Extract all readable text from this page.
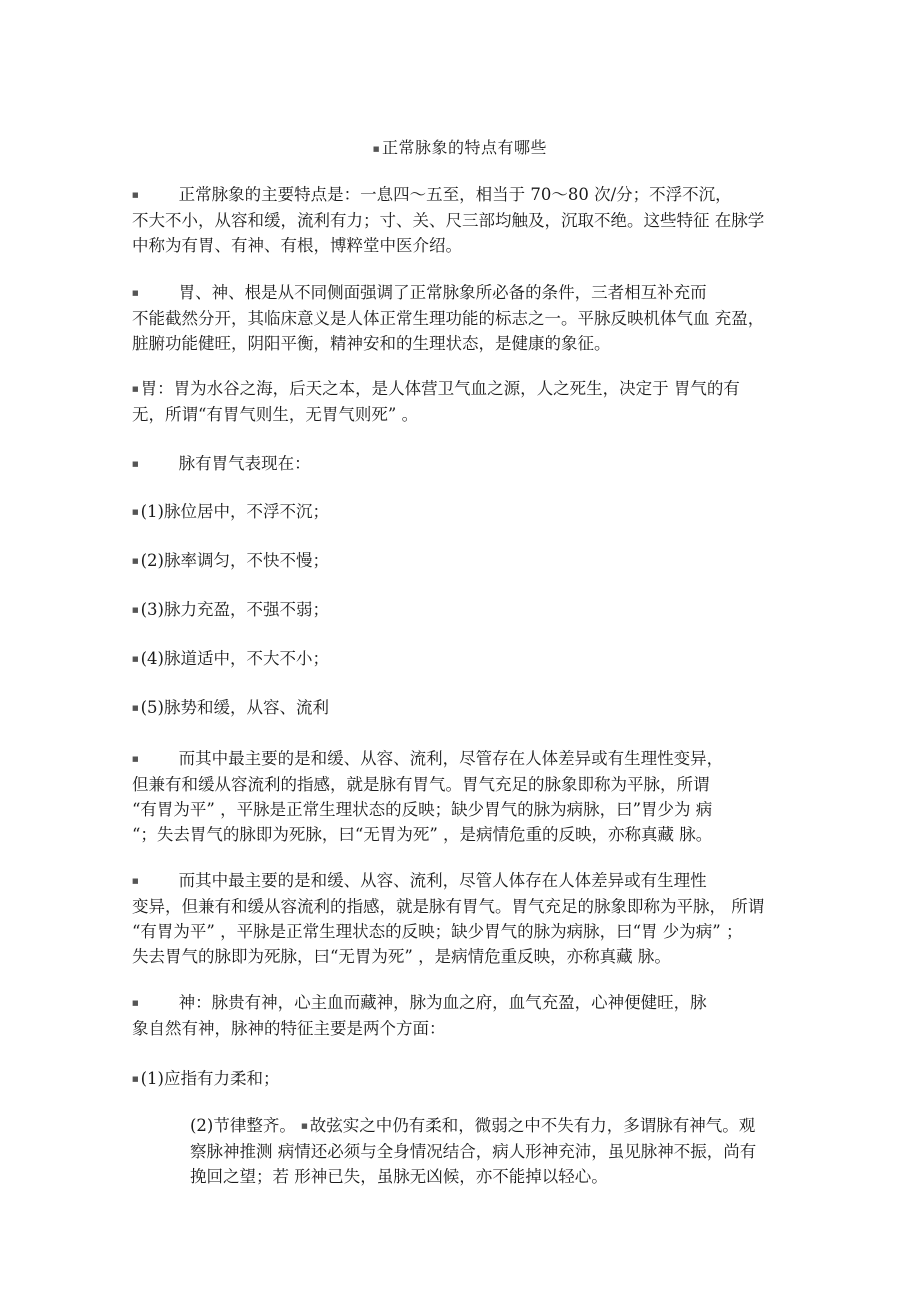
■ 正常脉象的特点有哪些
■ 正常脉象的主要特点是：一息四～五至，相当于 70～80 次/分；不浮不沉，
不大不小，从容和缓，流利有力；寸、关、尺三部均触及，沉取不绝。这些特征 在脉学
中称为有胃、有神、有根，博粹堂中医介绍。
■ 胃、神、根是从不同侧面强调了正常脉象所必备的条件，三者相互补充而
不能截然分开，其临床意义是人体正常生理功能的标志之一。平脉反映机体气血 充盈，
脏腑功能健旺，阴阳平衡，精神安和的生理状态，是健康的象征。
■ 胃：胃为水谷之海，后天之本，是人体营卫气血之源，人之死生，决定于 胃气的有
无，所谓“有胃气则生，无胃气则死” 。
■ 脉有胃气表现在：
■ (1)脉位居中，不浮不沉；
■ (2)脉率调匀，不快不慢；
■ (3)脉力充盈，不强不弱；
■ (4)脉道适中，不大不小；
■ (5)脉势和缓，从容、流利
■ 而其中最主要的是和缓、从容、流利，尽管存在人体差异或有生理性变异，
但兼有和缓从容流利的指感，就是脉有胃气。胃气充足的脉象即称为平脉，所谓
“有胃为平” ，平脉是正常生理状态的反映；缺少胃气的脉为病脉，曰”胃少为 病
“；失去胃气的脉即为死脉，曰“无胃为死” ，是病情危重的反映，亦称真藏 脉。
■ 而其中最主要的是和缓、从容、流利，尽管人体存在人体差异或有生理性
变异，但兼有和缓从容流利的指感，就是脉有胃气。胃气充足的脉象即称为平脉， 所谓
“有胃为平” ，平脉是正常生理状态的反映；缺少胃气的脉为病脉，曰“胃 少为病” ；
失去胃气的脉即为死脉，曰“无胃为死” ，是病情危重反映，亦称真藏 脉。
■ 神：脉贵有神，心主血而藏神，脉为血之府，血气充盈，心神便健旺，脉
象自然有神，脉神的特征主要是两个方面：
■ (1)应指有力柔和；
(2)节律整齐。 ■ 故弦实之中仍有柔和，微弱之中不失有力，多谓脉有神气。观
察脉神推测 病情还必须与全身情况结合，病人形神充沛，虽见脉神不振，尚有
挽回之望；若 形神已失，虽脉无凶候，亦不能掉以轻心。
